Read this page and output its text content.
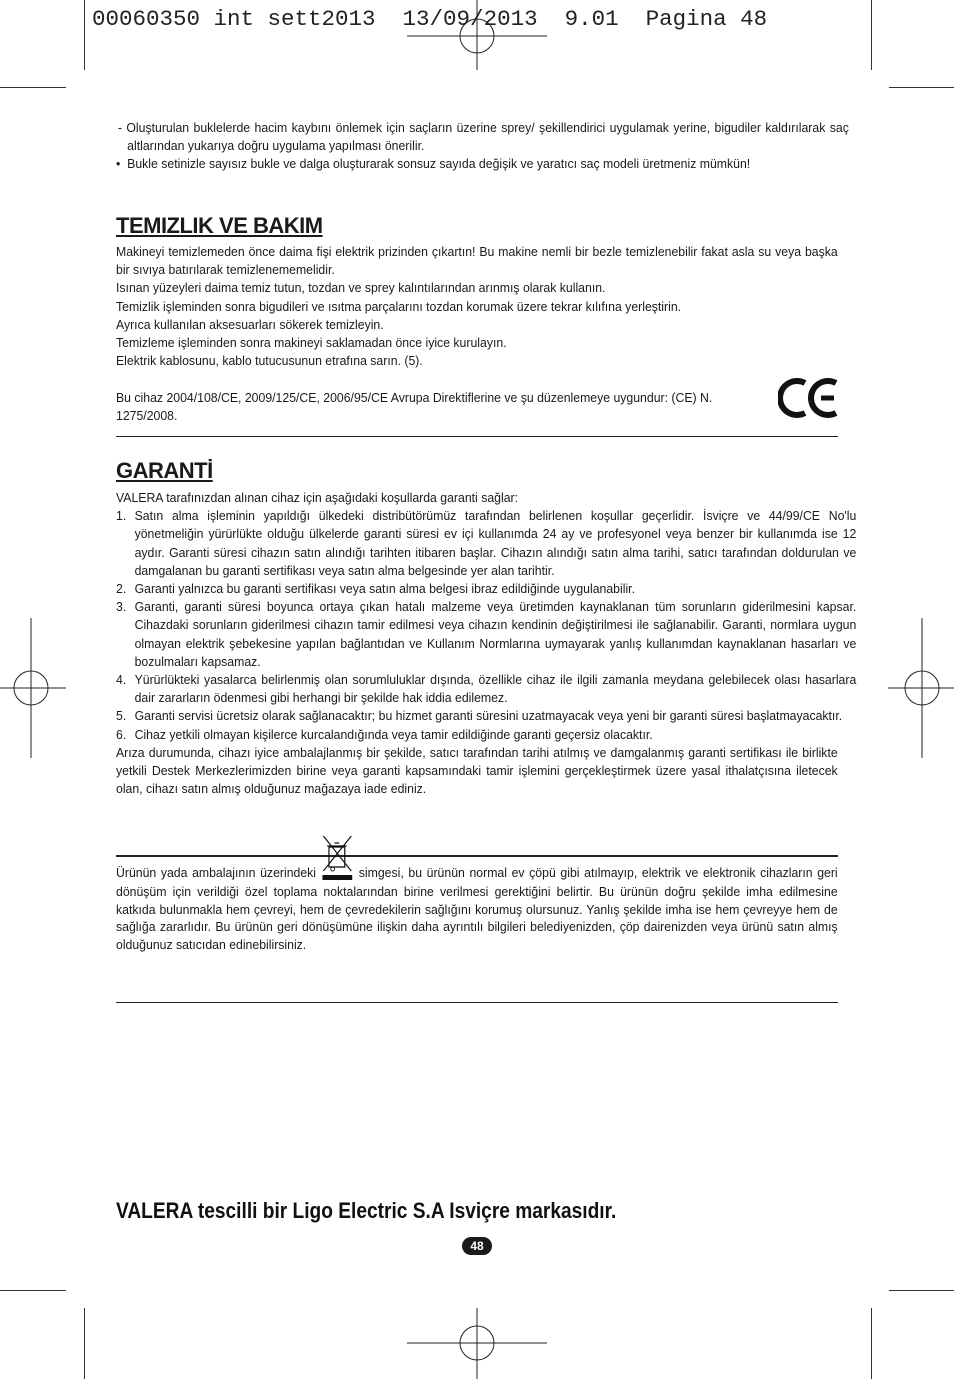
00060350 int sett2013  13/09/2013  9.01  Pagina 48

- Oluşturulan buklelerde hacim kaybını önlemek için saçların üzerine sprey/ şekillendirici uygulamak yerine, bigudiler kaldırılarak saç altlarından yukarıya doğru uygulama yapılması önerilir.

• Bukle setinizle sayısız bukle ve dalga oluşturarak sonsuz sayıda değişik ve yaratıcı saç modeli üretmeniz mümkün!
TEMIZLIK VE BAKIM

Makineyi temizlemeden önce daima fişi elektrik prizinden çıkartın! Bu makine nemli bir bezle temizlenebilir fakat asla su veya başka bir sıvıya batırılarak temizlenememelidir.

Isınan yüzeyleri daima temiz tutun, tozdan ve sprey kalıntılarından arınmış olarak kullanın.

Temizlik işleminden sonra bigudileri ve ısıtma parçalarını tozdan korumak üzere tekrar kılıfına yerleştirin.

Ayrıca kullanılan aksesuarları sökerek temizleyin.

Temizleme işleminden sonra makineyi saklamadan önce iyice kurulayın.

Elektrik kablosunu, kablo tutucusunun etrafına sarın. (5).

Bu cihaz 2004/108/CE, 2009/125/CE, 2006/95/CE Avrupa Direktiflerine ve şu düzenlemeye uygundur: (CE) N. 1275/2008.

CE
GARANTİ

VALERA tarafınızdan alınan cihaz için aşağıdaki koşullarda garanti sağlar:

1. Satın alma işleminin yapıldığı ülkedeki distribütörümüz tarafından belirlenen koşullar geçerlidir. İsviçre ve 44/99/CE No'lu yönetmeliğin yürürlükte olduğu ülkelerde garanti süresi ev içi kullanımda 24 ay ve profesyonel veya benzer bir kullanımda ise 12 aydır. Garanti süresi cihazın satın alındığı tarihten itibaren başlar. Cihazın alındığı satın alma tarihi, satıcı tarafından doldurulan ve damgalanan bu garanti sertifikası veya satın alma belgesinde yer alan tarihtir.
2. Garanti yalnızca bu garanti sertifikası veya satın alma belgesi ibraz edildiğinde uygulanabilir.
3. Garanti, garanti süresi boyunca ortaya çıkan hatalı malzeme veya üretimden kaynaklanan tüm sorunların giderilmesini kapsar. Cihazdaki sorunların giderilmesi cihazın tamir edilmesi veya cihazın kendinin değiştirilmesi ile sağlanabilir. Garanti, normlara uygun olmayan elektrik şebekesine yapılan bağlantıdan ve Kullanım Normlarına uymayarak yanlış kullanımdan kaynaklanan hasarları ve bozulmaları kapsamaz.
4. Yürürlükteki yasalarca belirlenmiş olan sorumluluklar dışında, özellikle cihaz ile ilgili zamanla meydana gelebilecek olası hasarlara dair zararların ödenmesi gibi herhangi bir şekilde hak iddia edilemez.
5. Garanti servisi ücretsiz olarak sağlanacaktır; bu hizmet garanti süresini uzatmayacak veya yeni bir garanti süresi başlatmayacaktır.
6. Cihaz yetkili olmayan kişilerce kurcalandığında veya tamir edildiğinde garanti geçersiz olacaktır.

Arıza durumunda, cihazı iyice ambalajlanmış bir şekilde, satıcı tarafından tarihi atılmış ve damgalanmış garanti sertifikası ile birlikte yetkili Destek Merkezlerimizden birine veya garanti kapsamındaki tamir işlemini gerçekleştirmek üzere yasal ithalatçısına iletecek olan, cihazı satın almış olduğunuz mağazaya iade ediniz.

Ürünün yada ambalajının üzerindeki	simgesi, bu ürünün normal ev çöpü gibi atılmayıp, elektrik ve elektronik cihazların geri dönüşüm için verildiği özel toplama noktalarından birine verilmesi gerektiğini belirtir. Bu ürünün doğru şekilde imha edilmesine katkıda bulunmakla hem çevreyi, hem de çevredekilerin sağlığını korumuş olursunuz. Yanlış şekilde imha ise hem çevreyye hem de sağlığa zararlıdır. Bu ürünün geri dönüşümüne ilişkin daha ayrıntılı bilgileri belediyenizden, çöp dairenizden veya ürünü satın almış olduğunuz satıcıdan edinebilirsiniz.

VALERA tescilli bir Ligo Electric S.A Isviçre markasıdır.
48
